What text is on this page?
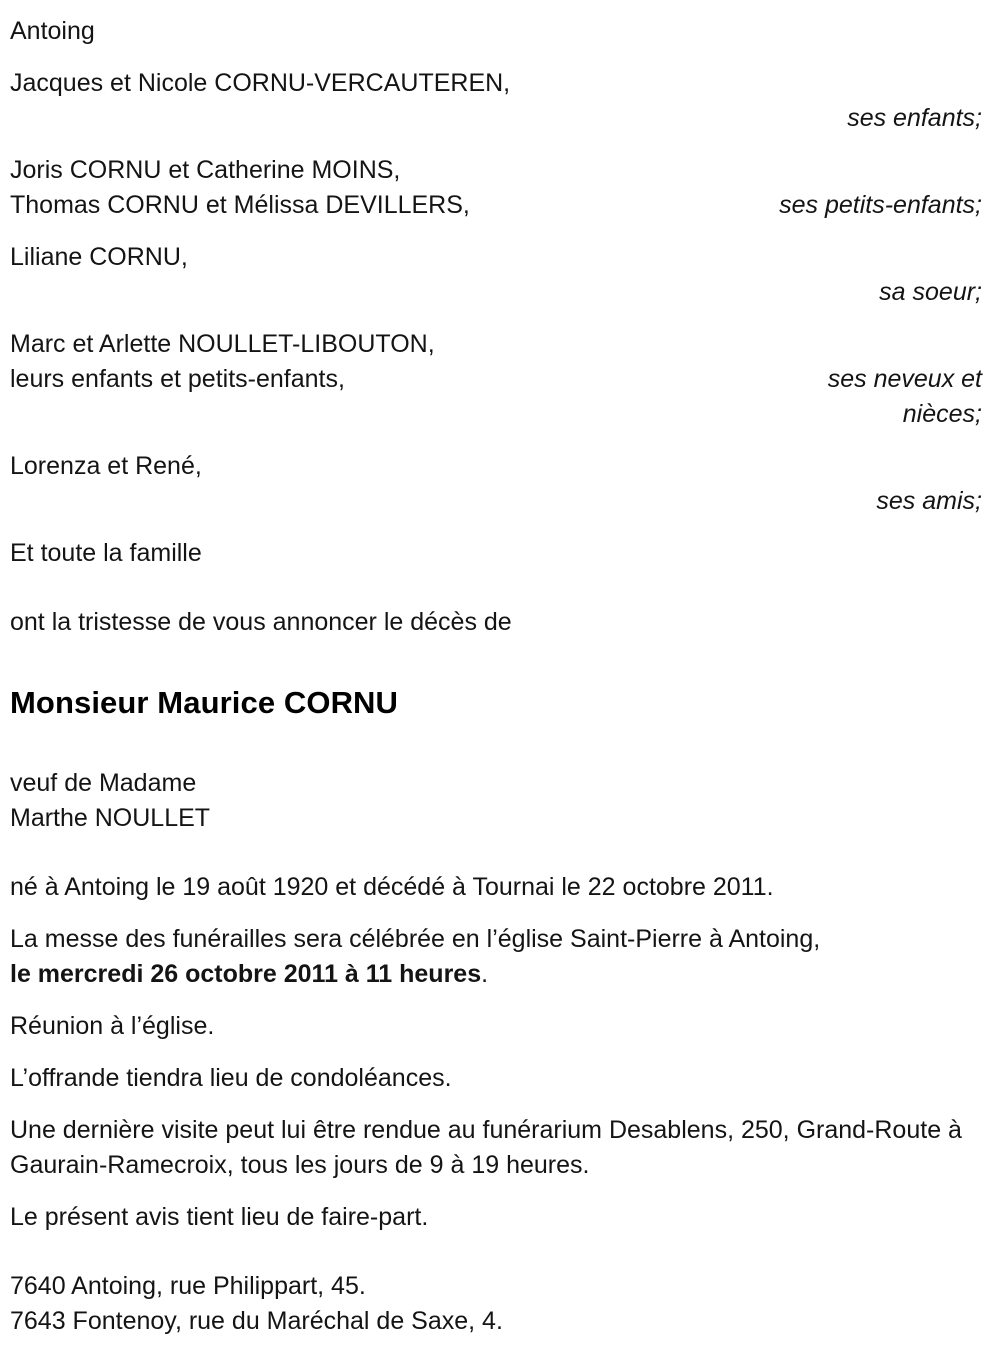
Antoing
Jacques et Nicole CORNU-VERCAUTEREN,
ses enfants;
Joris CORNU et Catherine MOINS,
Thomas CORNU et Mélissa DEVILLERS,	ses petits-enfants;
Liliane CORNU,
sa soeur;
Marc et Arlette NOULLET-LIBOUTON,
leurs enfants et petits-enfants,	ses neveux et nièces;
Lorenza et René,
ses amis;
Et toute la famille
ont la tristesse de vous annoncer le décès de
Monsieur Maurice CORNU
veuf de Madame
Marthe NOULLET
né à Antoing le 19 août 1920 et décédé à Tournai le 22 octobre 2011.
La messe des funérailles sera célébrée en l’église Saint-Pierre à Antoing,
le mercredi 26 octobre 2011 à 11 heures.
Réunion à l’église.
L’offrande tiendra lieu de condoléances.
Une dernière visite peut lui être rendue au funérarium Desablens, 250, Grand-Route à Gaurain-Ramecroix, tous les jours de 9 à 19 heures.
Le présent avis tient lieu de faire-part.
7640 Antoing, rue Philippart, 45.
7643 Fontenoy, rue du Maréchal de Saxe, 4.
